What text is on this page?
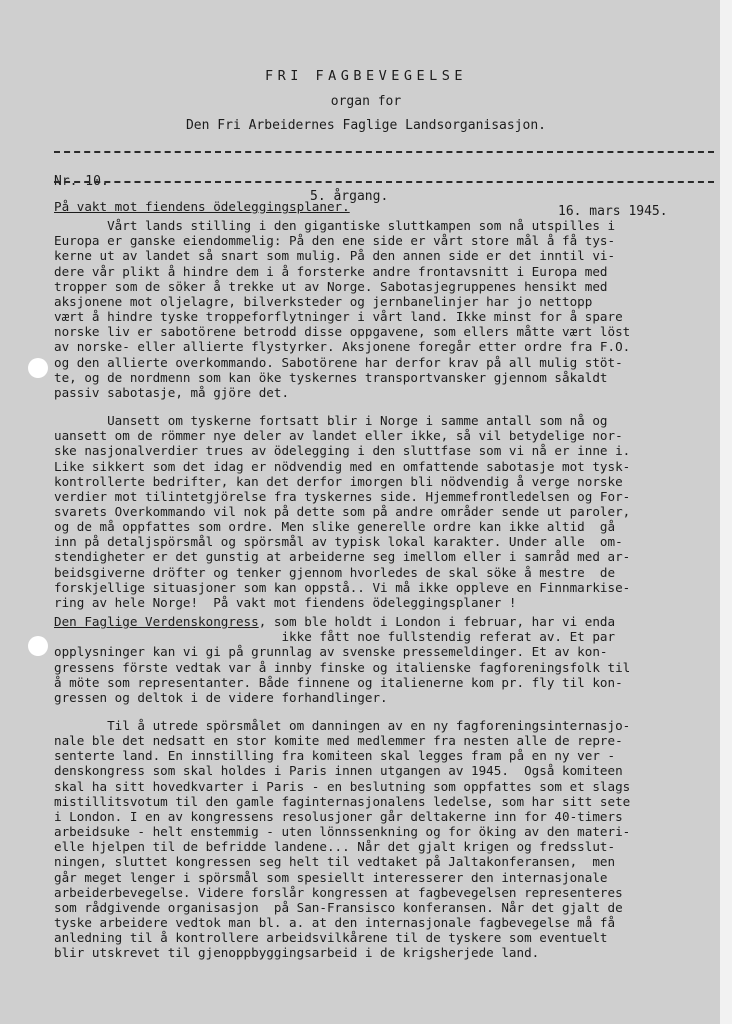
FRI FAGBEVEGELSE
organ for
Den Fri Arbeidernes Faglige Landsorganisasjon.

Nr. 10.

5. årgang.

16. mars 1945.

På vakt mot fiendens ödeleggingsplaner.

Vårt lands stilling i den gigantiske sluttkampen som nå utspilles i

Europa er ganske eiendommelig: På den ene side er vårt store mål å få tys-

kerne ut av landet så snart som mulig. På den annen side er det inntil vi-

dere vår plikt å hindre dem i å forsterke andre frontavsnitt i Europa med

tropper som de söker å trekke ut av Norge. Sabotasjegruppenes hensikt med

aksjonene mot oljelagre, bilverksteder og jernbanelinjer har jo nettopp

vært å hindre tyske troppeforflytninger i vårt land. Ikke minst for å spare

norske liv er sabotörene betrodd disse oppgavene, som ellers måtte vært löst

av norske- eller allierte flystyrker. Aksjonene foregår etter ordre fra F.O.

og den allierte overkommando. Sabotörene har derfor krav på all mulig stöt-

te, og de nordmenn som kan öke tyskernes transportvansker gjennom såkaldt

passiv sabotasje, må gjöre det.

Uansett om tyskerne fortsatt blir i Norge i samme antall som nå og

uansett om de römmer nye deler av landet eller ikke, så vil betydelige nor-

ske nasjonalverdier trues av ödelegging i den sluttfase som vi nå er inne i.

Like sikkert som det idag er nödvendig med en omfattende sabotasje mot tysk-

kontrollerte bedrifter, kan det derfor imorgen bli nödvendig å verge norske

verdier mot tilintetgjörelse fra tyskernes side. Hjemmefrontledelsen og For-

svarets Overkommando vil nok på dette som på andre områder sende ut paroler,

og de må oppfattes som ordre. Men slike generelle ordre kan ikke altid  gå

inn på detaljspörsmål og spörsmål av typisk lokal karakter. Under alle  om-

stendigheter er det gunstig at arbeiderne seg imellom eller i samråd med ar-

beidsgiverne dröfter og tenker gjennom hvorledes de skal söke å mestre  de

forskjellige situasjoner som kan oppstå.. Vi må ikke oppleve en Finnmarkise-

ring av hele Norge!  På vakt mot fiendens ödeleggingsplaner !

Den Faglige Verdenskongress, som ble holdt i London i februar, har vi enda

ikke fått noe fullstendig referat av. Et par

opplysninger kan vi gi på grunnlag av svenske pressemeldinger. Et av kon-

gressens förste vedtak var å innby finske og italienske fagforeningsfolk til

å möte som representanter. Både finnene og italienerne kom pr. fly til kon-

gressen og deltok i de videre forhandlinger.

Til å utrede spörsmålet om danningen av en ny fagforeningsinternasjo-

nale ble det nedsatt en stor komite med medlemmer fra nesten alle de repre-

senterte land. En innstilling fra komiteen skal legges fram på en ny ver -

denskongress som skal holdes i Paris innen utgangen av 1945.  Også komiteen

skal ha sitt hovedkvarter i Paris - en beslutning som oppfattes som et slags

mistillitsvotum til den gamle faginternasjonalens ledelse, som har sitt sete

i London. I en av kongressens resolusjoner går deltakerne inn for 40-timers

arbeidsuke - helt enstemmig - uten lönnssenkning og for öking av den materi-

elle hjelpen til de befridde landene... Når det gjalt krigen og fredsslut-

ningen, sluttet kongressen seg helt til vedtaket på Jaltakonferansen,  men

går meget lenger i spörsmål som spesiellt interesserer den internasjonale

arbeiderbevegelse. Videre forslår kongressen at fagbevegelsen representeres

som rådgivende organisasjon  på San-Fransisco konferansen. Når det gjalt de

tyske arbeidere vedtok man bl. a. at den internasjonale fagbevegelse må få

anledning til å kontrollere arbeidsvilkårene til de tyskere som eventuelt

blir utskrevet til gjenoppbyggingsarbeid i de krigsherjede land.
